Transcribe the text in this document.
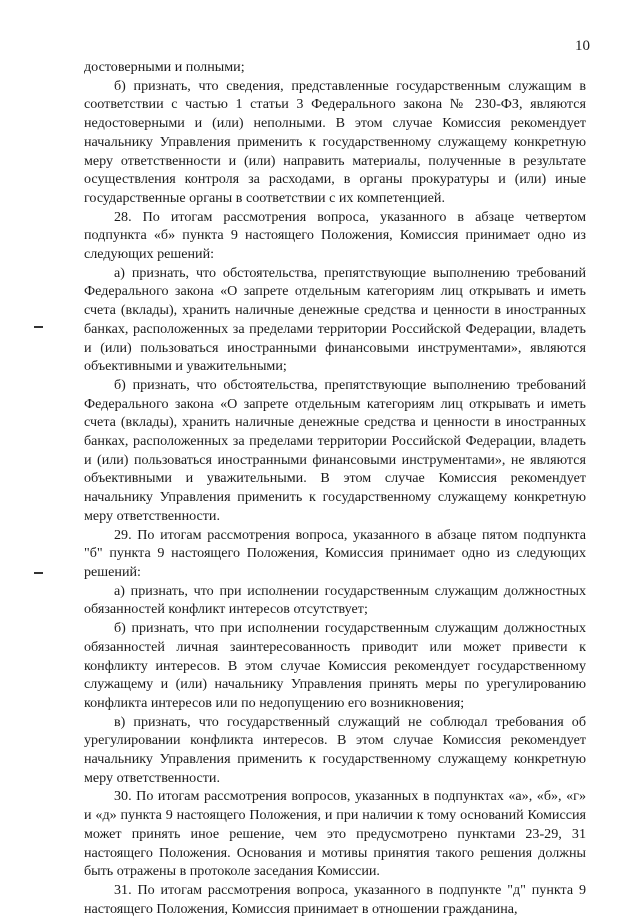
10

достоверными и полными;

б) признать, что сведения, представленные государственным служащим в соответствии с частью 1 статьи 3 Федерального закона № 230-ФЗ, являются недостоверными и (или) неполными. В этом случае Комиссия рекомендует начальнику Управления применить к государственному служащему конкретную меру ответственности и (или) направить материалы, полученные в результате осуществления контроля за расходами, в органы прокуратуры и (или) иные государственные органы в соответствии с их компетенцией.

28. По итогам рассмотрения вопроса, указанного в абзаце четвертом подпункта «б» пункта 9 настоящего Положения, Комиссия принимает одно из следующих решений:

а) признать, что обстоятельства, препятствующие выполнению требований Федерального закона «О запрете отдельным категориям лиц открывать и иметь счета (вклады), хранить наличные денежные средства и ценности в иностранных банках, расположенных за пределами территории Российской Федерации, владеть и (или) пользоваться иностранными финансовыми инструментами», являются объективными и уважительными;

б) признать, что обстоятельства, препятствующие выполнению требований Федерального закона «О запрете отдельным категориям лиц открывать и иметь счета (вклады), хранить наличные денежные средства и ценности в иностранных банках, расположенных за пределами территории Российской Федерации, владеть и (или) пользоваться иностранными финансовыми инструментами», не являются объективными и уважительными. В этом случае Комиссия рекомендует начальнику Управления применить к государственному служащему конкретную меру ответственности.

29. По итогам рассмотрения вопроса, указанного в абзаце пятом подпункта "б" пункта 9 настоящего Положения, Комиссия принимает одно из следующих решений:

а) признать, что при исполнении государственным служащим должностных обязанностей конфликт интересов отсутствует;

б) признать, что при исполнении государственным служащим должностных обязанностей личная заинтересованность приводит или может привести к конфликту интересов. В этом случае Комиссия рекомендует государственному служащему и (или) начальнику Управления принять меры по урегулированию конфликта интересов или по недопущению его возникновения;

в) признать, что государственный служащий не соблюдал требования об урегулировании конфликта интересов. В этом случае Комиссия рекомендует начальнику Управления применить к государственному служащему конкретную меру ответственности.

30. По итогам рассмотрения вопросов, указанных в подпунктах «а», «б», «г» и «д» пункта 9 настоящего Положения, и при наличии к тому оснований Комиссия может принять иное решение, чем это предусмотрено пунктами 23-29, 31 настоящего Положения. Основания и мотивы принятия такого решения должны быть отражены в протоколе заседания Комиссии.

31. По итогам рассмотрения вопроса, указанного в подпункте "д" пункта 9 настоящего Положения, Комиссия принимает в отношении гражданина,
